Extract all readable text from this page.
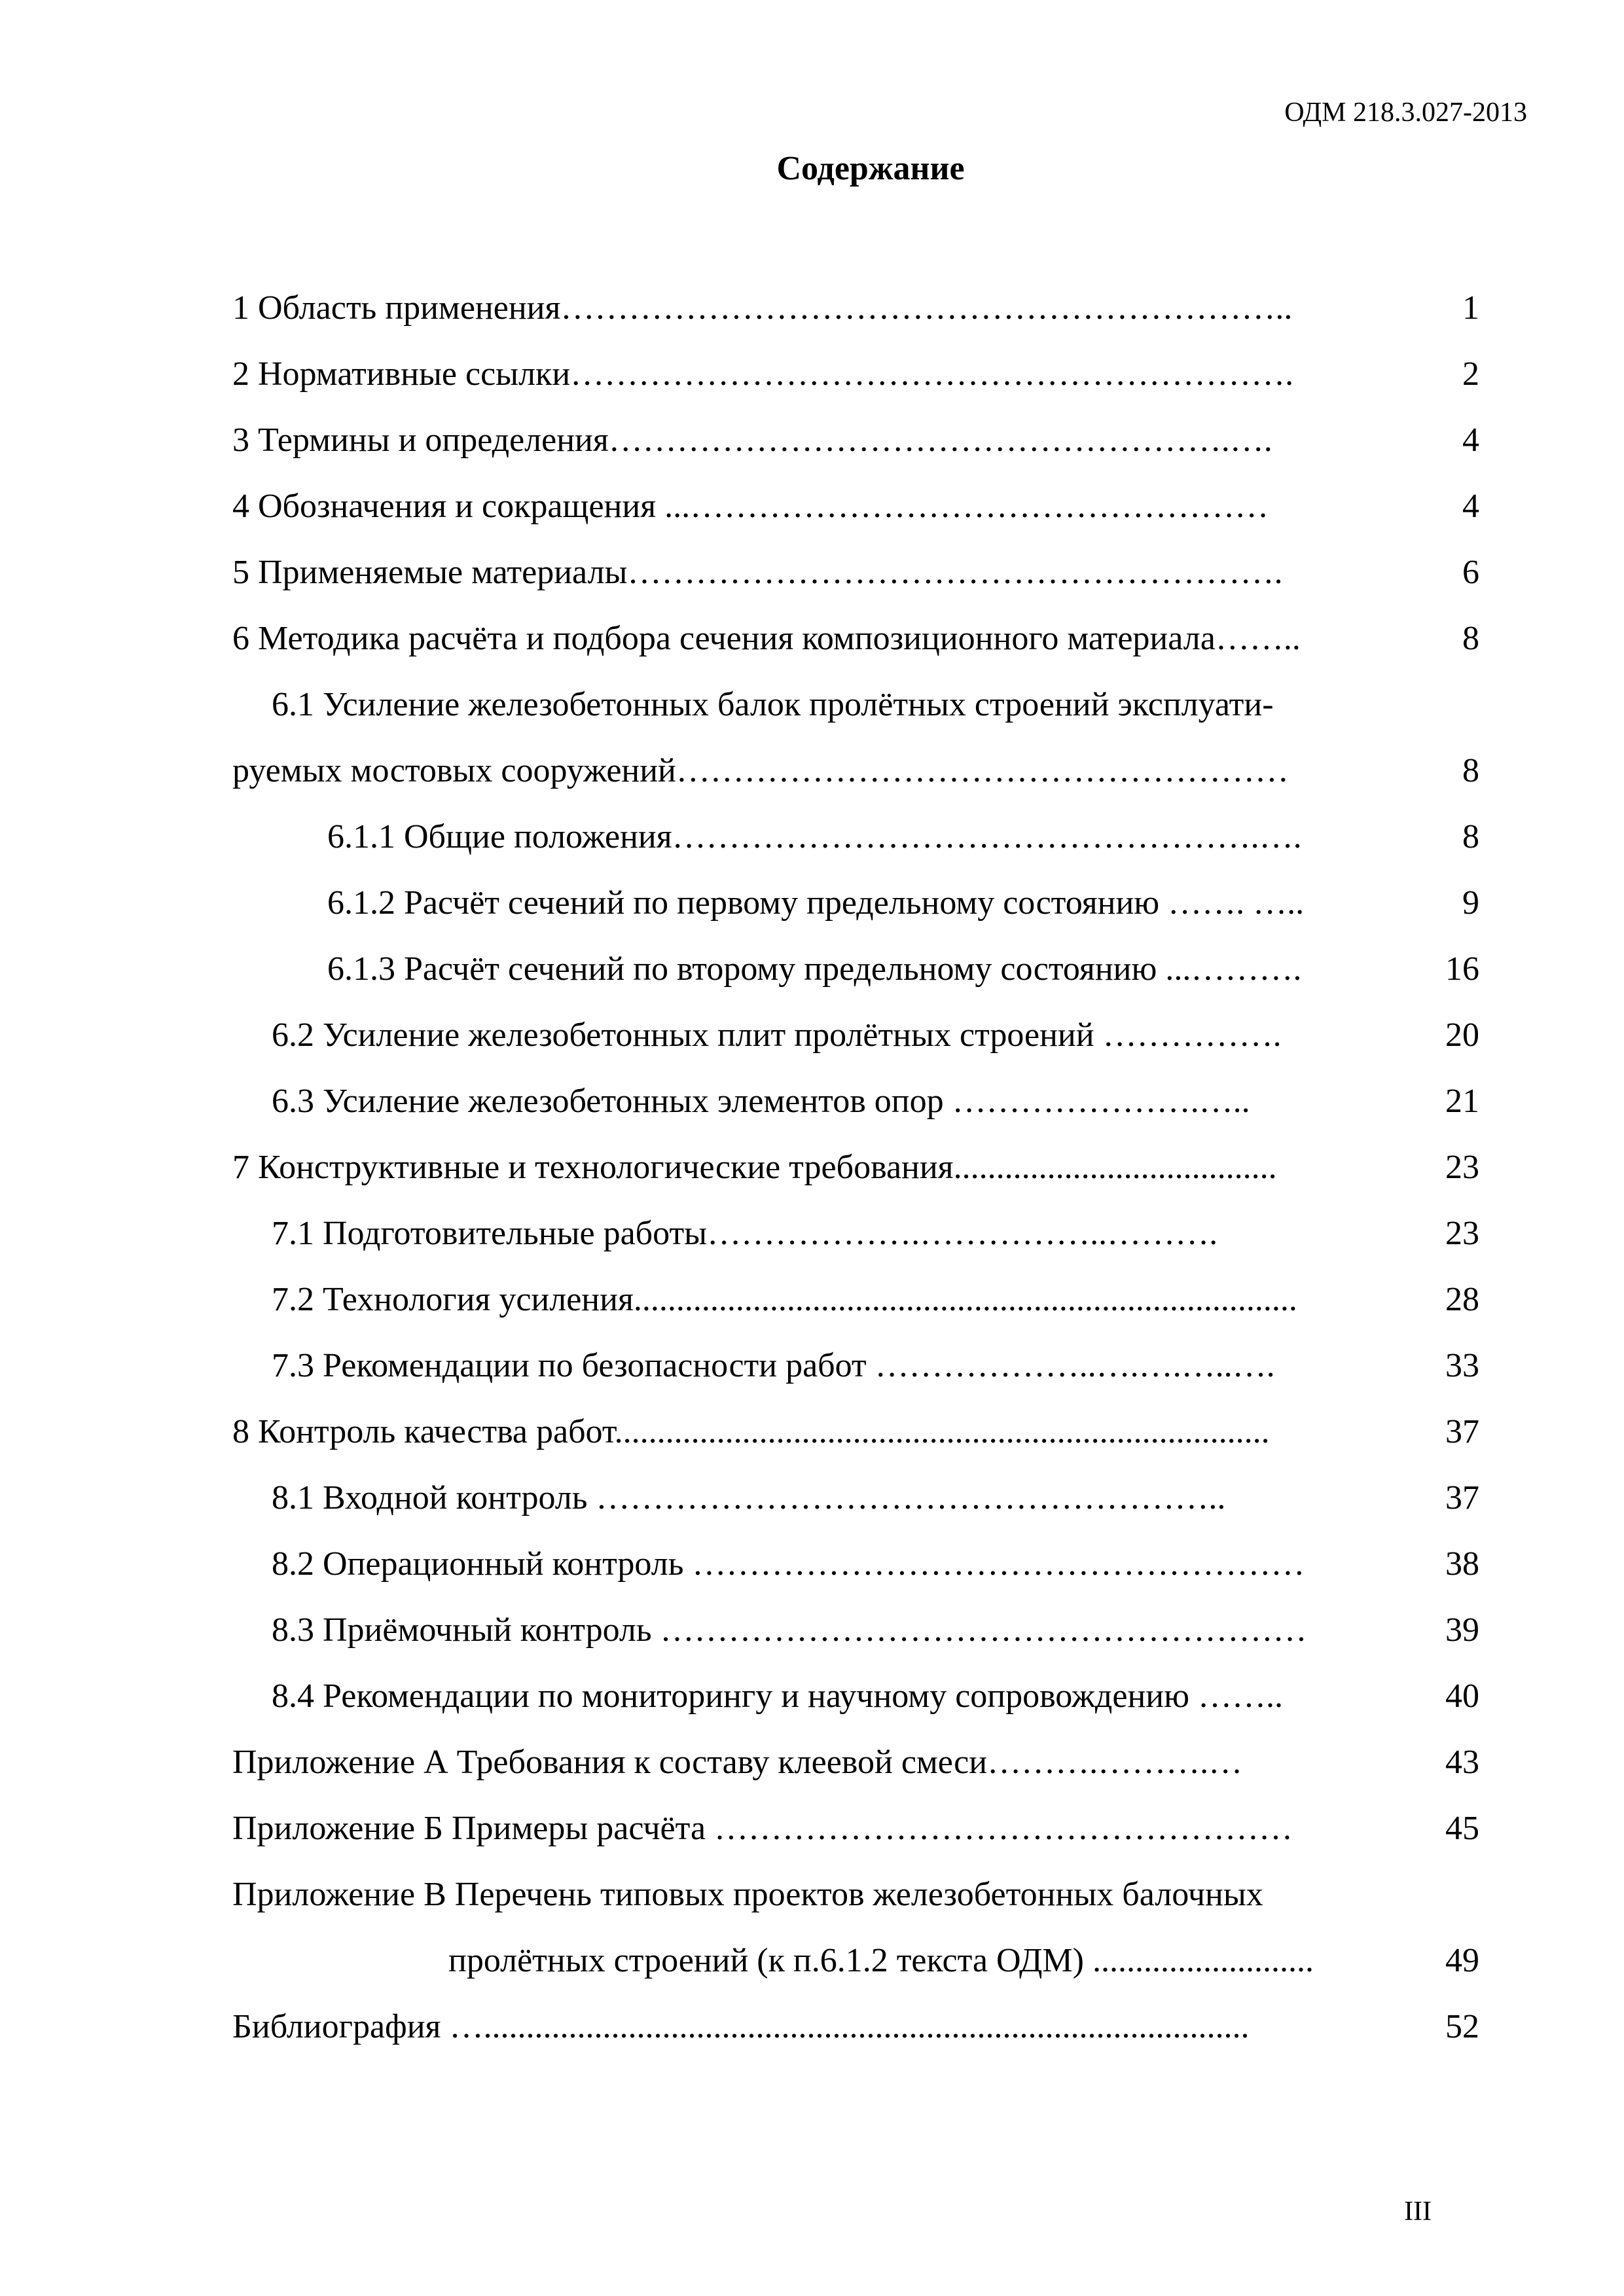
ОДМ 218.3.027-2013
Содержание
1 Область применения………………………………………………………..	1
2 Нормативные ссылки……………………………………………………….	2
3 Термины и определения……………………………………………….….	4
4 Обозначения и сокращения ...……………………………………………	4
5 Применяемые материалы………………………………………………….	6
6 Методика расчёта и подбора сечения композиционного материала……..	8
6.1 Усиление железобетонных балок пролётных строений эксплуати-
руемых мостовых сооружений………………………………………………	8
6.1.1 Общие положения…………………………………………….….	8
6.1.2 Расчёт сечений по первому предельному состоянию ……. …..	9
6.1.3 Расчёт сечений по второму предельному состоянию ...……….	16
6.2 Усиление железобетонных плит пролётных строений …………….	20
6.3 Усиление железобетонных элементов опор ………………….…..	21
7 Конструктивные и технологические требования......................................	23
7.1 Подготовительные работы……………….……………..……….	23
7.2 Технология усиления..............................................................................	28
7.3 Рекомендации по безопасности работ ………………..….….…..….	33
8 Контроль качества работ.............................................................................	37
8.1 Входной контроль ………………………………………………..	37
8.2 Операционный контроль ………………………………………………	38
8.3 Приёмочный контроль …………………………………………………	39
8.4 Рекомендации по мониторингу и научному сопровождению ……..	40
Приложение А Требования к составу клеевой смеси……….……….…	43
Приложение Б Примеры расчёта ……………………………………………	45
Приложение В Перечень типовых проектов железобетонных балочных
пролётных строений (к п.6.1.2 текста ОДМ) ..........................	49
Библиография …..........................................................................................	52
III
